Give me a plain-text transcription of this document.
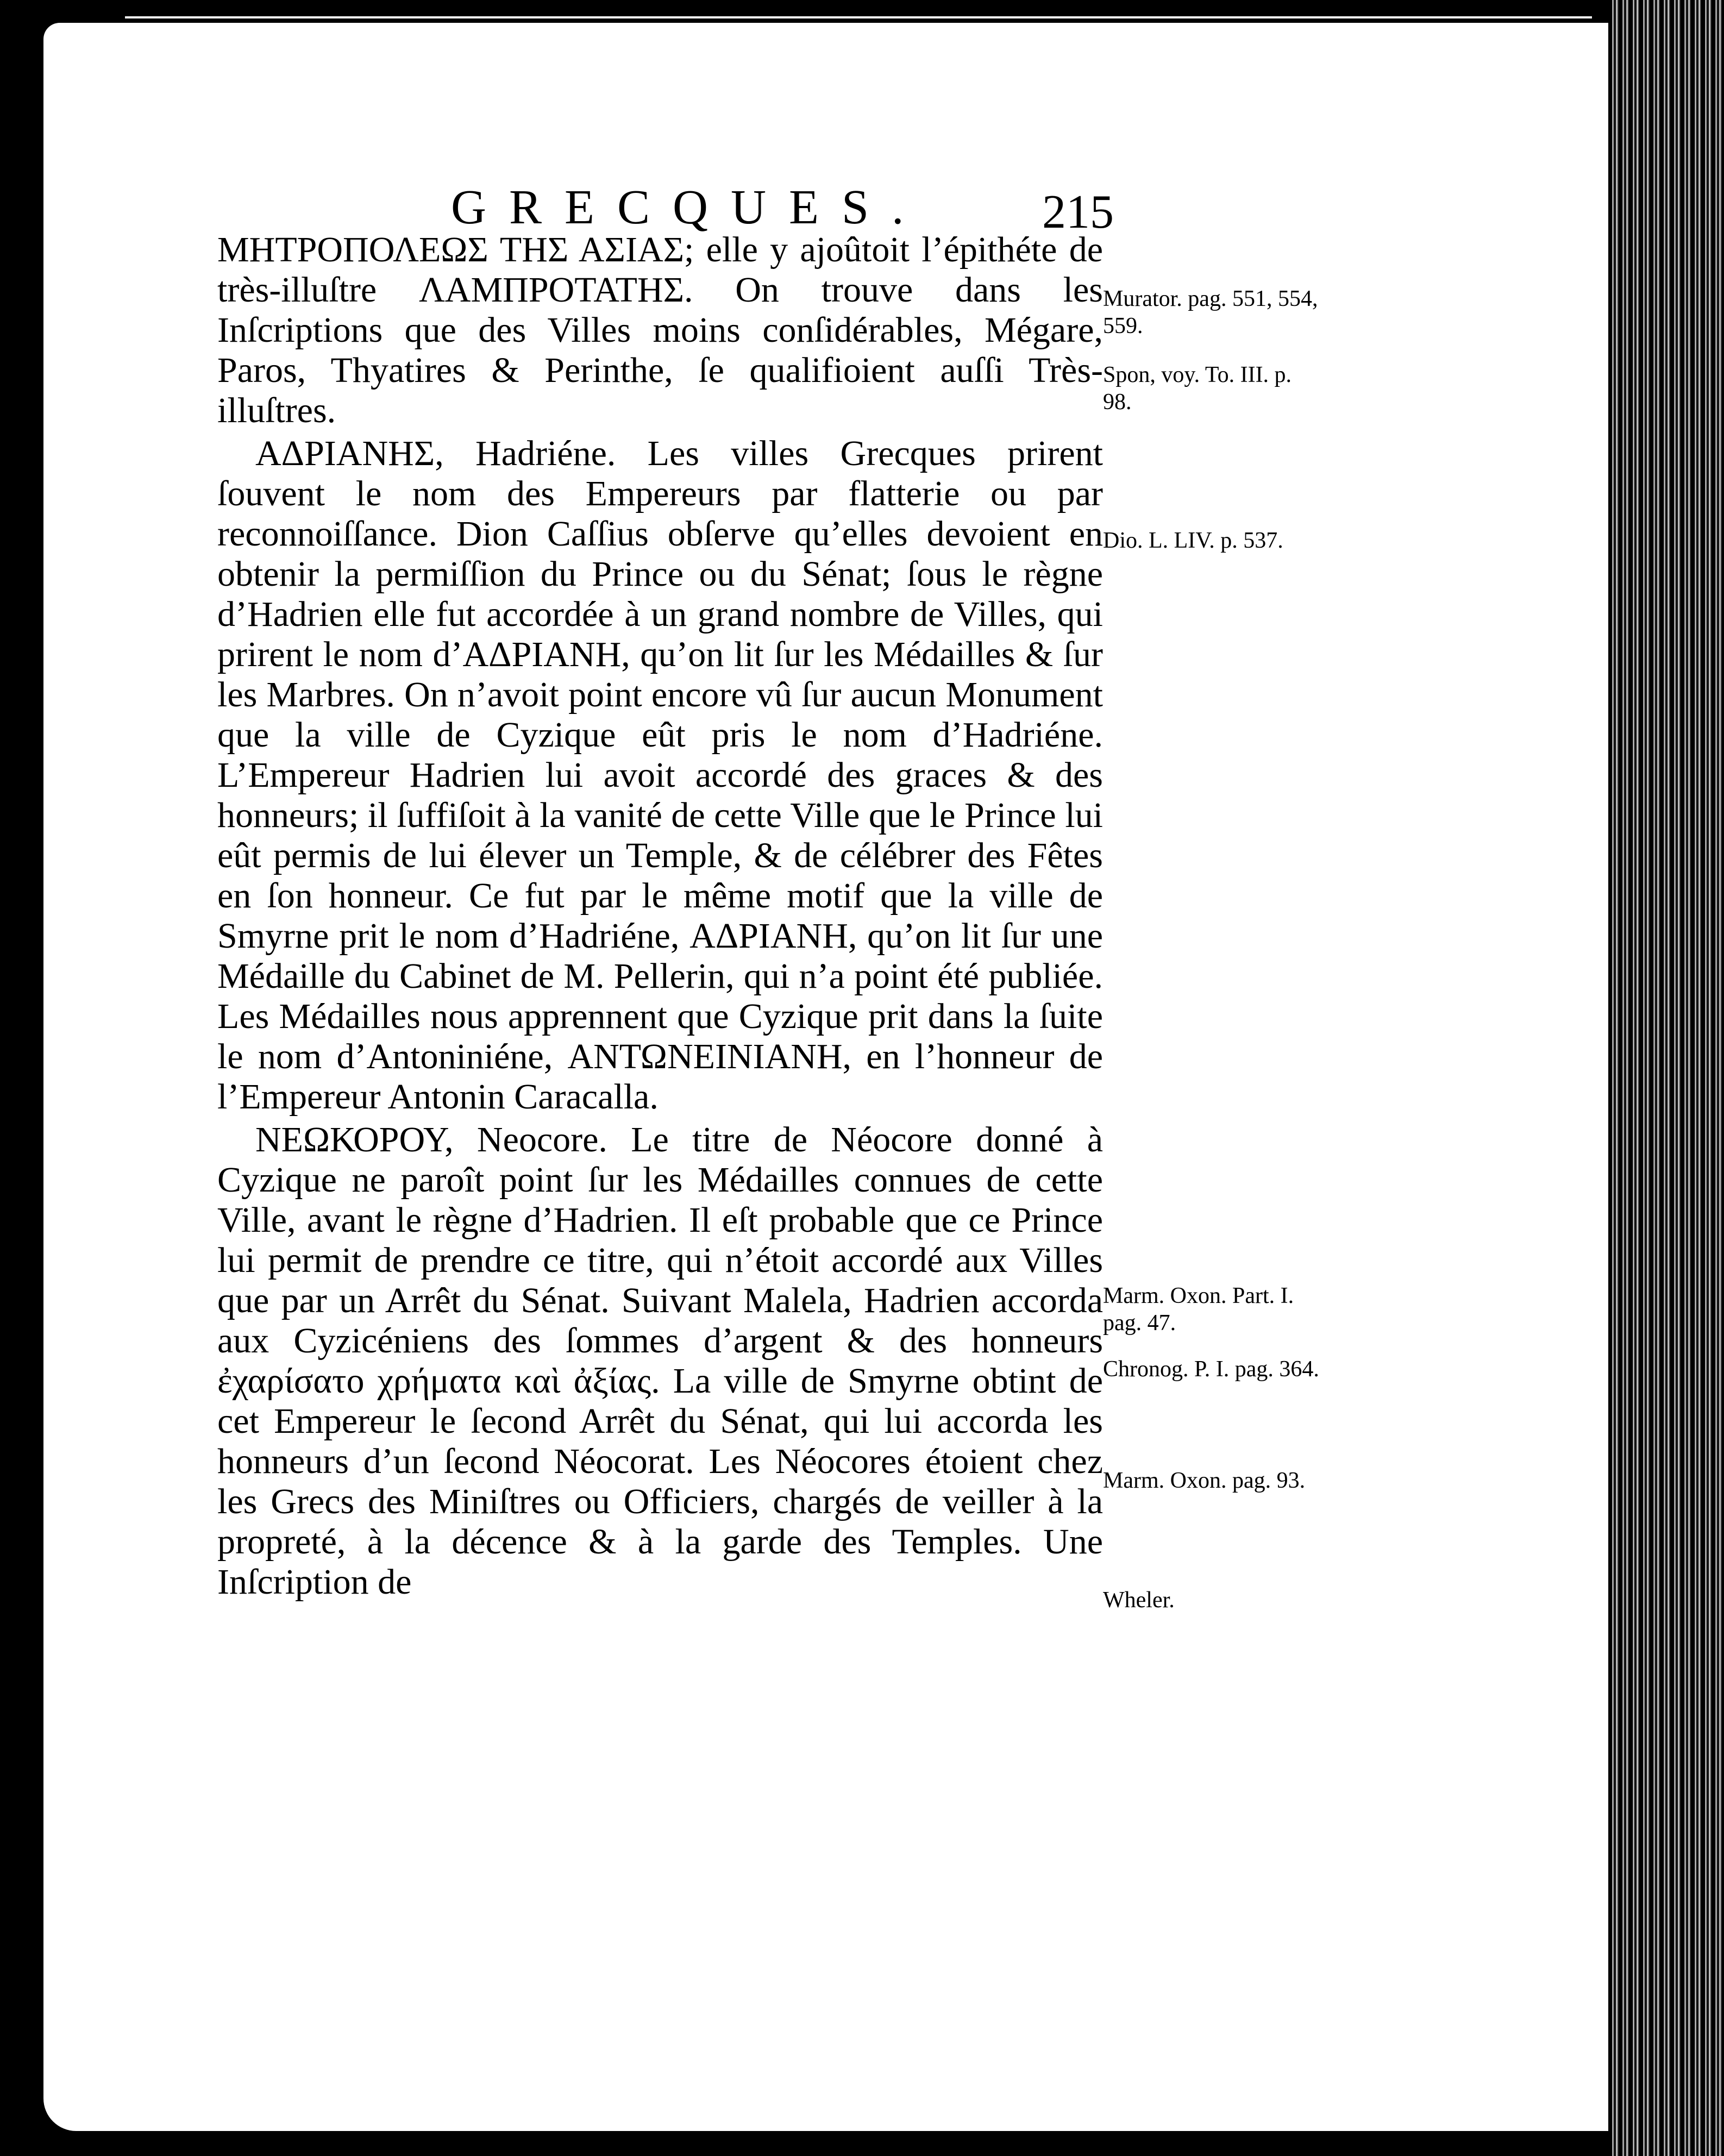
GRECQUES. 215

ΜΗΤΡΟΠΟΛΕΩΣ ΤΗΣ ΑΣΙΑΣ; elle y ajoûtoit l’épithéte de très-illuſtre ΛΑΜΠΡΟΤΑΤΗΣ. On trouve dans les Inſcriptions que des Villes moins conſidérables, Mégare, Paros, Thyatires & Perinthe, ſe qualifioient auſſi Très-illuſtres.

ΑΔΡΙΑΝΗΣ, Hadriéne. Les villes Grecques prirent ſouvent le nom des Empereurs par flatterie ou par reconnoiſſance. Dion Caſſius obſerve qu’elles devoient en obtenir la permiſſion du Prince ou du Sénat; ſous le règne d’Hadrien elle fut accordée à un grand nombre de Villes, qui prirent le nom d’ΑΔΡΙΑΝΗ, qu’on lit ſur les Médailles & ſur les Marbres. On n’avoit point encore vû ſur aucun Monument que la ville de Cyzique eût pris le nom d’Hadriéne. L’Empereur Hadrien lui avoit accordé des graces & des honneurs; il ſuffiſoit à la vanité de cette Ville que le Prince lui eût permis de lui élever un Temple, & de célébrer des Fêtes en ſon honneur. Ce fut par le même motif que la ville de Smyrne prit le nom d’Hadriéne, ΑΔΡΙΑΝΗ, qu’on lit ſur une Médaille du Cabinet de M. Pellerin, qui n’a point été publiée. Les Médailles nous apprennent que Cyzique prit dans la ſuite le nom d’Antoniniéne, ΑΝΤΩΝΕΙΝΙΑΝΗ, en l’honneur de l’Empereur Antonin Caracalla.

ΝΕΩΚΟΡΟΥ, Neocore. Le titre de Néocore donné à Cyzique ne paroît point ſur les Médailles connues de cette Ville, avant le règne d’Hadrien. Il eſt probable que ce Prince lui permit de prendre ce titre, qui n’étoit accordé aux Villes que par un Arrêt du Sénat. Suivant Malela, Hadrien accorda aux Cyzicéniens des ſommes d’argent & des honneurs ἐχαρίσατο χρήματα καὶ ἀξίας. La ville de Smyrne obtint de cet Empereur le ſecond Arrêt du Sénat, qui lui accorda les honneurs d’un ſecond Néocorat. Les Néocores étoient chez les Grecs des Miniſtres ou Officiers, chargés de veiller à la propreté, à la décence & à la garde des Temples. Une Inſcription de

Murator. pag. 551, 554, 559.
Spon, voy. To. III. p. 98.
Dio. L. LIV. p. 537.
Marm. Oxon. Part. I. pag. 47.
Chronog. P. I. pag. 364.
Marm. Oxon. pag. 93.
Wheler.
